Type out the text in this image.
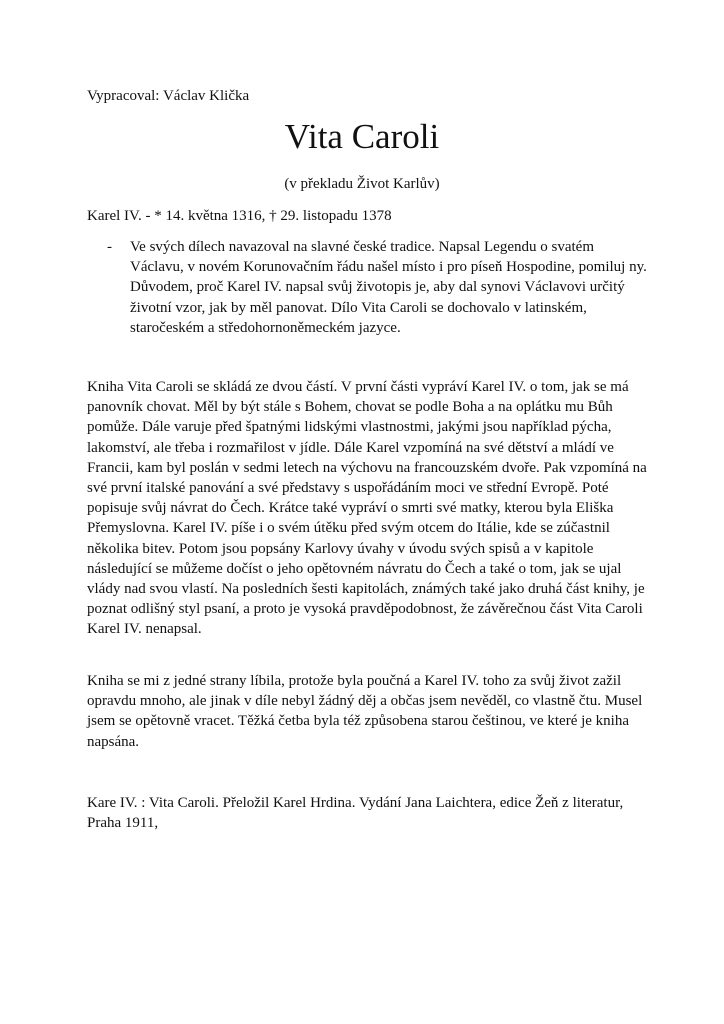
Vypracoval: Václav Klička
Vita Caroli
(v překladu Život Karlův)
Karel IV. - * 14. května 1316, † 29. listopadu 1378
- Ve svých dílech navazoval na slavné české tradice. Napsal Legendu o svatém Václavu, v novém Korunovačním řádu našel místo i pro píseň Hospodine, pomiluj ny. Důvodem, proč Karel IV. napsal svůj životopis je, aby dal synovi Václavovi určitý životní vzor, jak by měl panovat. Dílo Vita Caroli se dochovalo v latinském, staročeském a středohornoněmeckém jazyce.

Kniha Vita Caroli se skládá ze dvou částí. V první části vypráví Karel IV. o tom, jak se má panovník chovat. Měl by být stále s Bohem, chovat se podle Boha a na oplátku mu Bůh pomůže. Dále varuje před špatnými lidskými vlastnostmi, jakými jsou například pýcha, lakomství, ale třeba i rozmařilost v jídle. Dále Karel vzpomíná na své dětství a mládí ve Francii, kam byl poslán v sedmi letech na výchovu na francouzském dvoře. Pak vzpomíná na své první italské panování a své představy s uspořádáním moci ve střední Evropě. Poté popisuje svůj návrat do Čech. Krátce také vypráví o smrti své matky, kterou byla Eliška Přemyslovna. Karel IV. píše i o svém útěku před svým otcem do Itálie, kde se zúčastnil několika bitev. Potom jsou popsány Karlovy úvahy v úvodu svých spisů a v kapitole následující se můžeme dočíst o jeho opětovném návratu do Čech a také o tom, jak se ujal vlády nad svou vlastí. Na posledních šesti kapitolách, známých také jako druhá část knihy, je poznat odlišný styl psaní, a proto je vysoká pravděpodobnost, že závěrečnou část Vita Caroli Karel IV. nenapsal.

Kniha se mi z jedné strany líbila, protože byla poučná a Karel IV. toho za svůj život zažil opravdu mnoho, ale jinak v díle nebyl žádný děj a občas jsem nevěděl, co vlastně čtu. Musel jsem se opětovně vracet. Těžká četba byla též způsobena starou češtinou, ve které je kniha napsána.

Kare IV. : Vita Caroli. Přeložil Karel Hrdina. Vydání Jana Laichtera, edice Žeň z literatur, Praha 1911,
